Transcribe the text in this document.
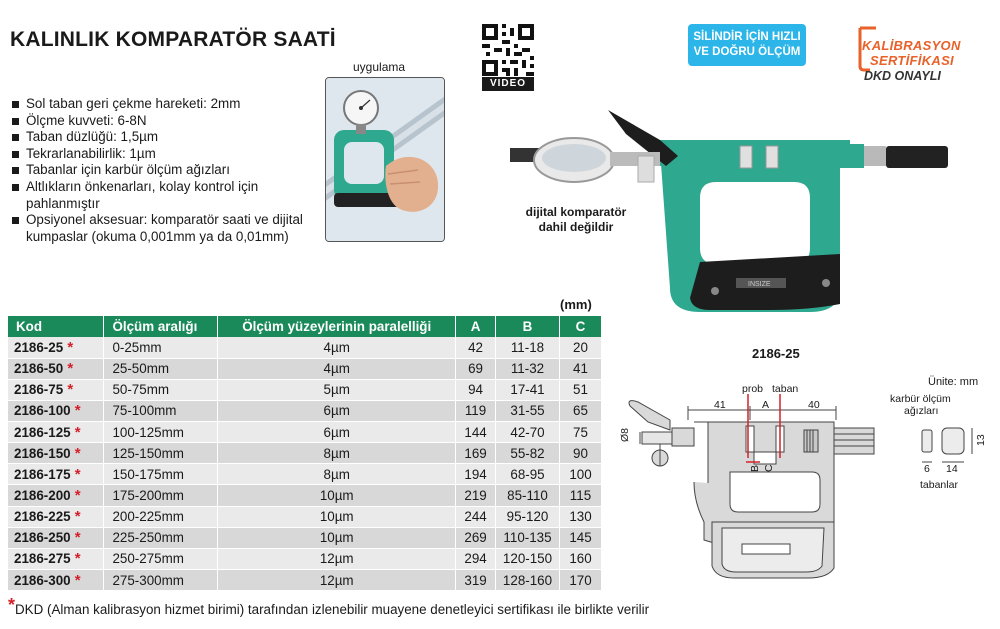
KALINLIK KOMPARATÖR SAATİ
Sol taban geri çekme hareketi: 2mm
Ölçme kuvveti: 6-8N
Taban düzlüğü: 1,5µm
Tekrarlanabilirlik: 1µm
Tabanlar için karbür ölçüm ağızları
Altlıkların önkenarları, kolay kontrol için pahlanmıştır
Opsiyonel aksesuar: komparatör saati ve dijital kumpaslar (okuma 0,001mm ya da 0,01mm)
uygulama
VIDEO
SİLİNDİR İÇİN HIZLI
VE DOĞRU ÖLÇÜM	KALİBRASYON
SERTİFİKASI
DKD ONAYLI
INSIZE
dijital komparatör
dahil değildir
(mm)
Kod	Ölçüm aralığı	Ölçüm yüzeylerinin paralelliği	A	B	C
2186-25 *	0-25mm	4µm	42	11-18	20
2186-50 *	25-50mm	4µm	69	11-32	41
2186-75 *	50-75mm	5µm	94	17-41	51
2186-100 *	75-100mm	6µm	119	31-55	65
2186-125 *	100-125mm	6µm	144	42-70	75
2186-150 *	125-150mm	8µm	169	55-82	90
2186-175 *	150-175mm	8µm	194	68-95	100
2186-200 *	175-200mm	10µm	219	85-110	115
2186-225 *	200-225mm	10µm	244	95-120	130
2186-250 *	225-250mm	10µm	269	110-135	145
2186-275 *	250-275mm	12µm	294	120-150	160
2186-300 *	275-300mm	12µm	319	128-160	170
*DKD (Alman kalibrasyon hizmet birimi) tarafından izlenebilir muayene denetleyici sertifikası ile birlikte verilir
2186-25
Ünite: mm
prob taban
41	A	40
Ø8
B C
karbür ölçüm
ağızları
13
6 14
tabanlar
